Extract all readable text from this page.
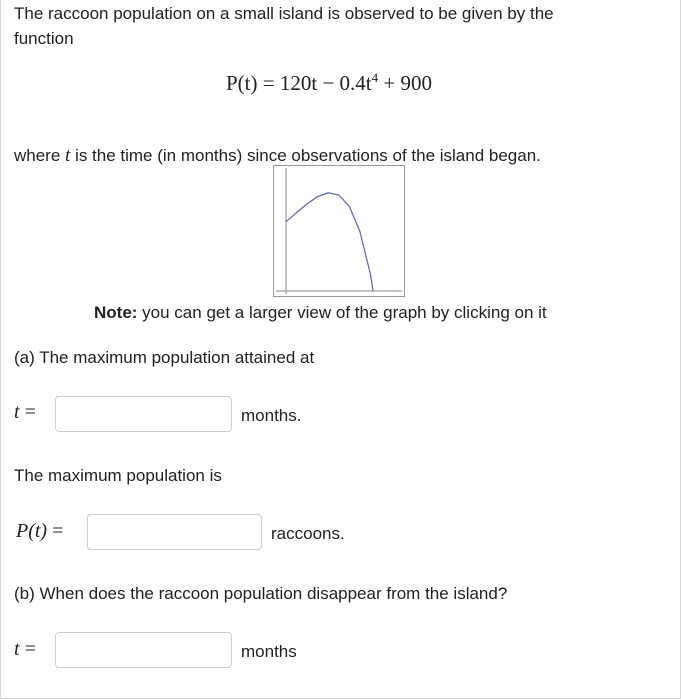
The raccoon population on a small island is observed to be given by the
function
$P(t) = 120t - 0.4t^4 + 900$
where t is the time (in months) since observations of the island began.
Note: you can get a larger view of the graph by clicking on it
(a) The maximum population attained at
t =	months.
The maximum population is
P(t) =	raccoons.
(b) When does the raccoon population disappear from the island?
t =	months
